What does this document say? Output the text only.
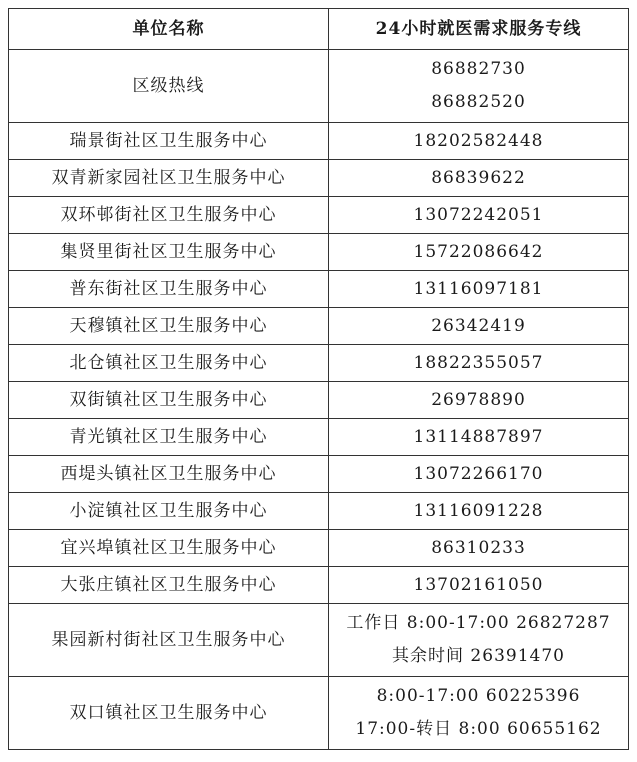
单位名称	24小时就医需求服务专线
区级热线	86882730
86882520

瑞景街社区卫生服务中心	18202582448

双青新家园社区卫生服务中心	86839622

双环邨街社区卫生服务中心	13072242051

集贤里街社区卫生服务中心	15722086642

普东街社区卫生服务中心	13116097181

天穆镇社区卫生服务中心	26342419

北仓镇社区卫生服务中心	18822355057

双街镇社区卫生服务中心	26978890

青光镇社区卫生服务中心	13114887897

西堤头镇社区卫生服务中心	13072266170

小淀镇社区卫生服务中心	13116091228

宜兴埠镇社区卫生服务中心	86310233

大张庄镇社区卫生服务中心	13702161050

果园新村街社区卫生服务中心	工作日 8:00-17:00 26827287
其余时间 26391470

双口镇社区卫生服务中心	8:00-17:00 60225396
17:00-转日 8:00 60655162
